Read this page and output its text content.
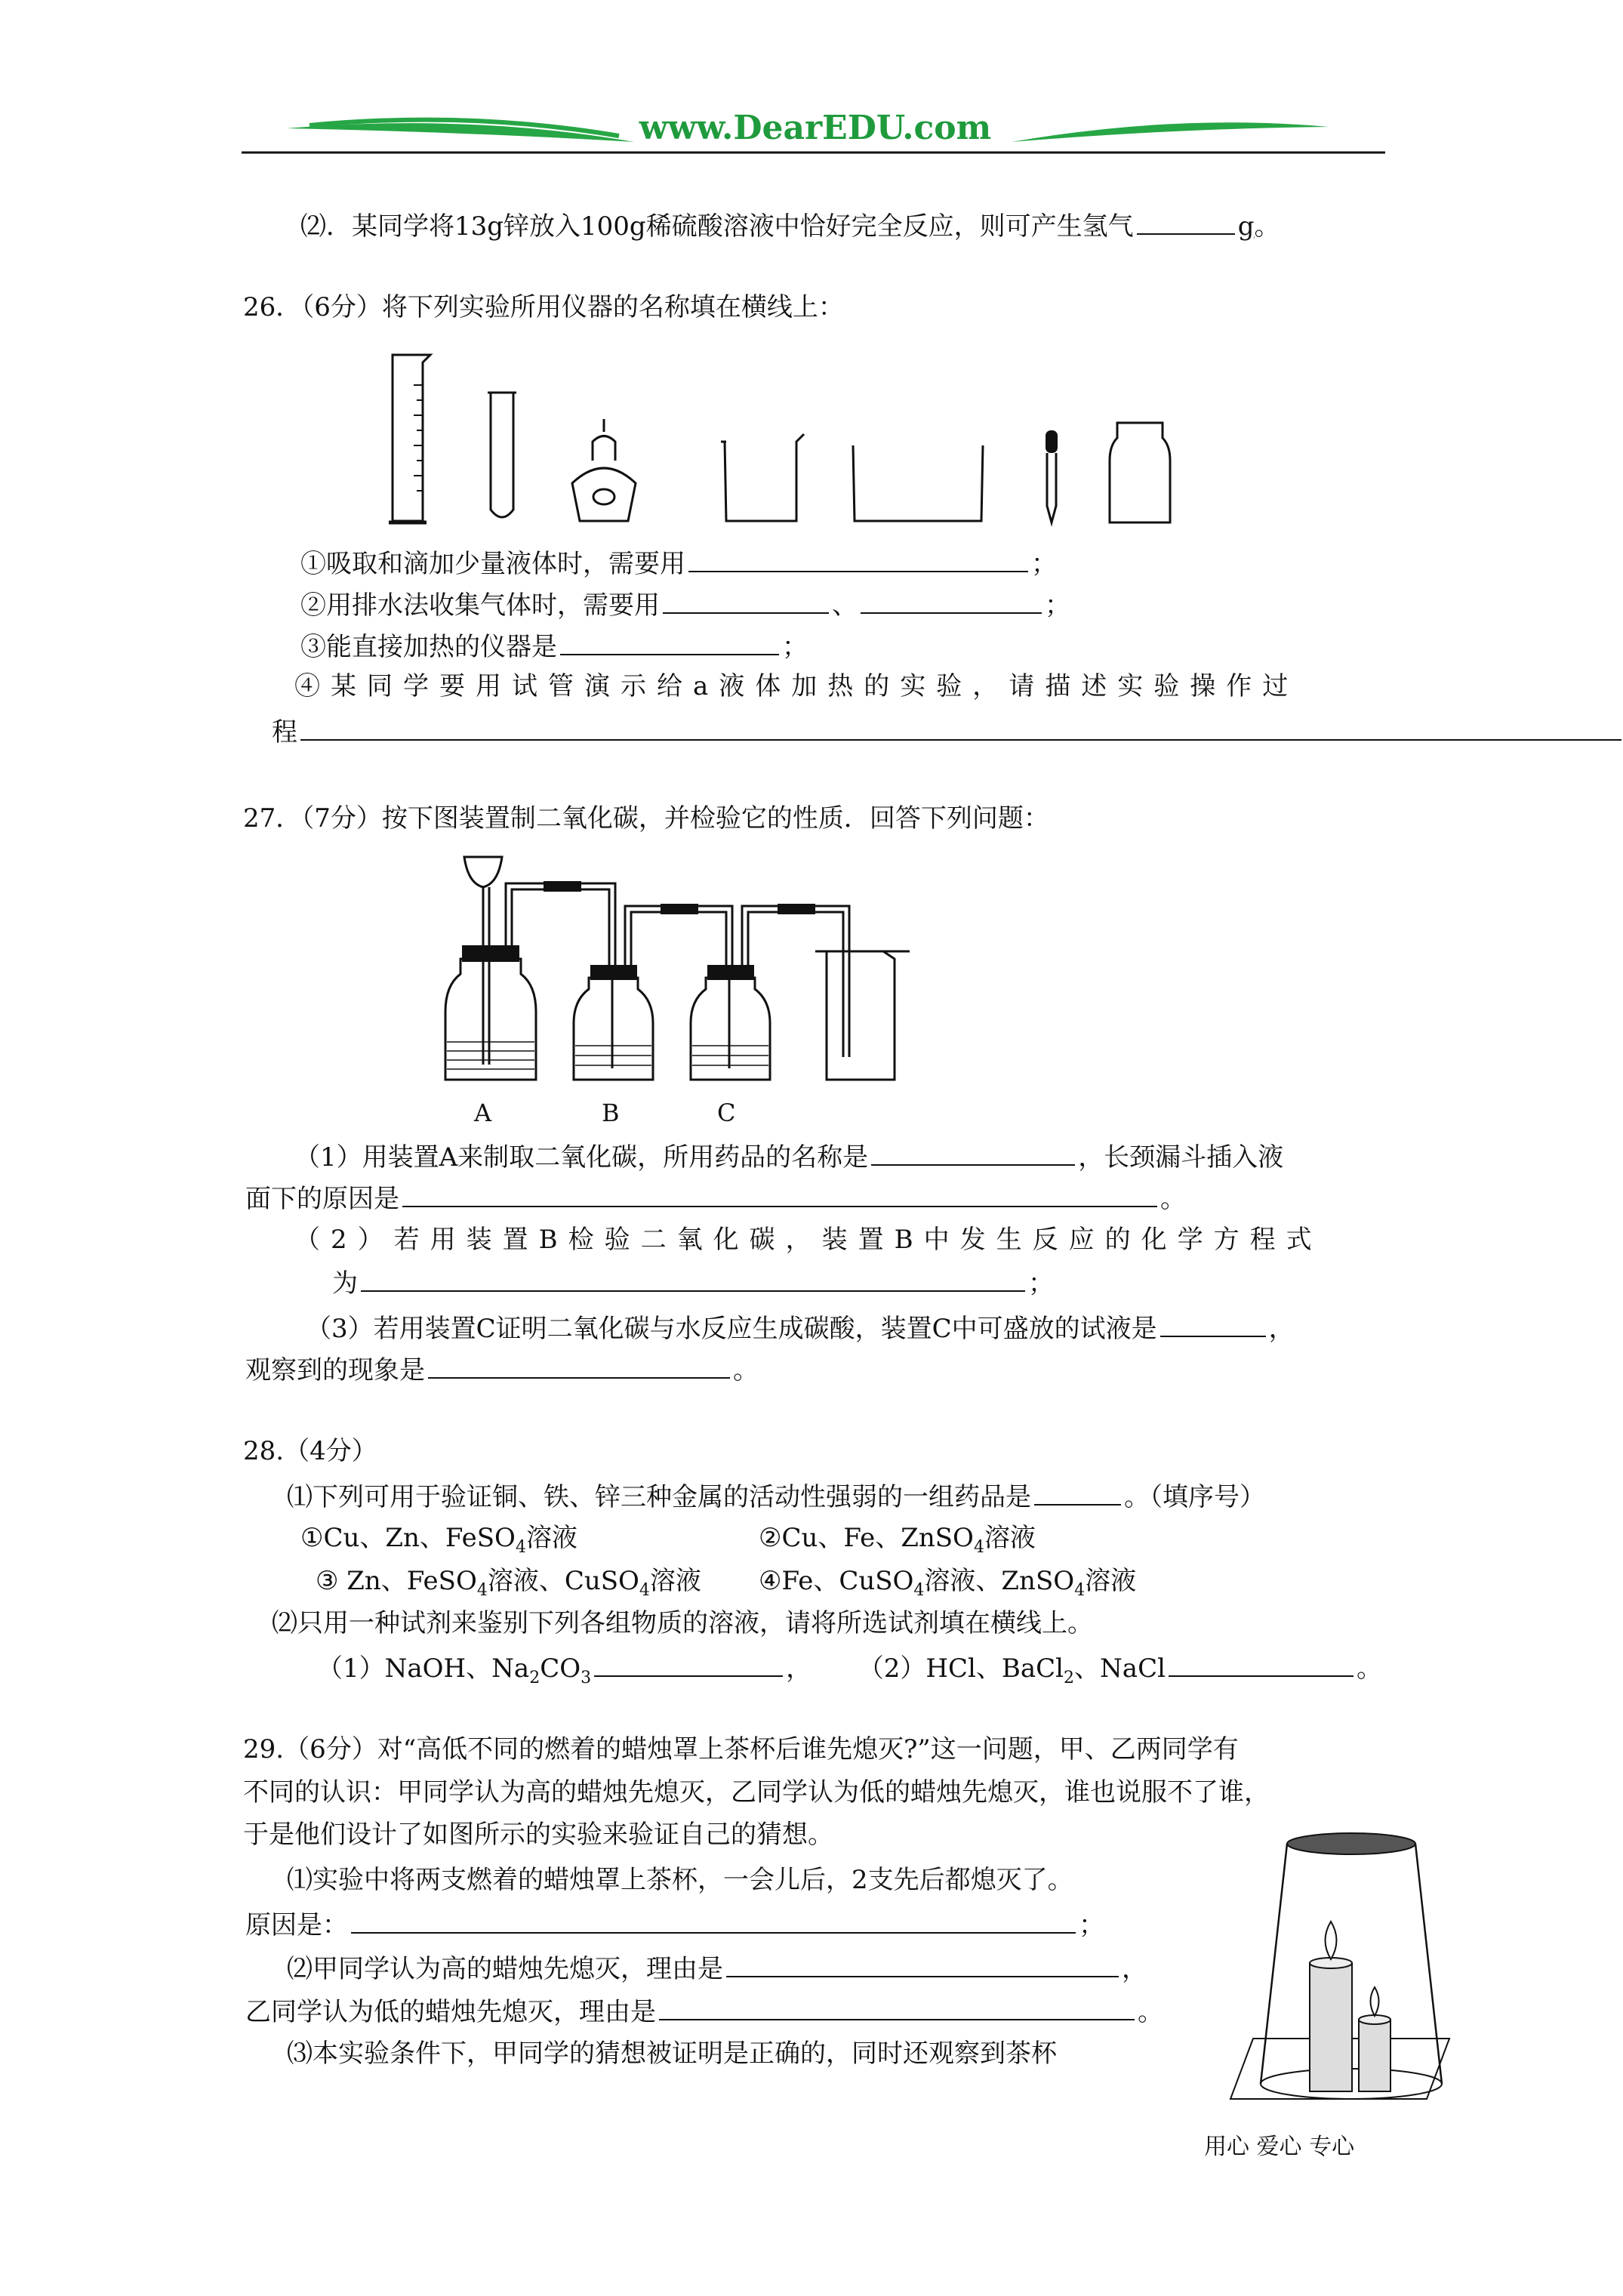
www.DearEDU.com
⑵．某同学将13g锌放入100g稀硫酸溶液中恰好完全反应，则可产生氢气	g。
26．（6分）将下列实验所用仪器的名称填在横线上：
①吸取和滴加少量液体时，需要用	；
②用排水法收集气体时，需要用	、	；
③能直接加热的仪器是	；
④某同学要用试管演示给a液体加热的实验，请描述实验操作过
程
27．（7分）按下图装置制二氧化碳，并检验它的性质．回答下列问题：
A	B	C
（1）用装置A来制取二氧化碳，所用药品的名称是	，长颈漏斗插入液
面下的原因是	。
（2）若用装置B检验二氧化碳，装置B中发生反应的化学方程式
为	；
（3）若用装置C证明二氧化碳与水反应生成碳酸，装置C中可盛放的试液是	，
观察到的现象是	。
28.（4分）
⑴下列可用于验证铜、铁、锌三种金属的活动性强弱的一组药品是	。（填序号）
①Cu、Zn、FeSO$_4$溶液	②Cu、Fe、ZnSO$_4$溶液
③ Zn、FeSO$_4$溶液、CuSO$_4$溶液 ④Fe、CuSO$_4$溶液、ZnSO$_4$溶液
⑵只用一种试剂来鉴别下列各组物质的溶液，请将所选试剂填在横线上。
（1）NaOH、$Na_2CO_3$	， （2）HCl、BaCl$_2$、NaCl	。
29.（6分）对“高低不同的燃着的蜡烛罩上茶杯后谁先熄灭?”这一问题，甲、乙两同学有
不同的认识：甲同学认为高的蜡烛先熄灭，乙同学认为低的蜡烛先熄灭，谁也说服不了谁，
于是他们设计了如图所示的实验来验证自己的猜想。
⑴实验中将两支燃着的蜡烛罩上茶杯，一会儿后，2支先后都熄灭了。
原因是：	；
⑵甲同学认为高的蜡烛先熄灭，理由是	，
乙同学认为低的蜡烛先熄灭，理由是	。
⑶本实验条件下，甲同学的猜想被证明是正确的，同时还观察到茶杯
用心 爱心 专心
